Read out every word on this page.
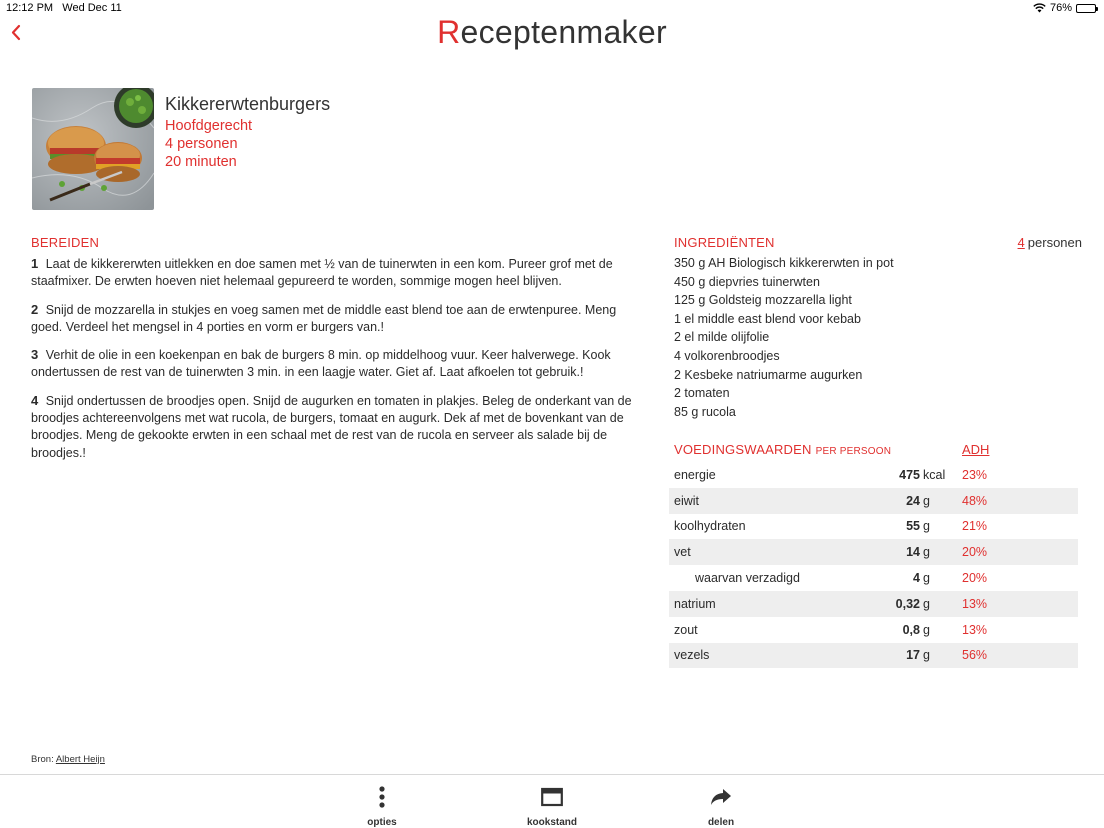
12:12 PM Wed Dec 11	76%
Receptenmaker
Kikkererwtenburgers
Hoofdgerecht
4 personen
20 minuten
BEREIDEN

1 Laat de kikkererwten uitlekken en doe samen met ½ van de tuinerwten in een kom. Pureer grof met de staafmixer. De erwten hoeven niet helemaal gepureerd te worden, sommige mogen heel blijven.

2 Snijd de mozzarella in stukjes en voeg samen met de middle east blend toe aan de erwtenpuree. Meng goed. Verdeel het mengsel in 4 porties en vorm er burgers van.!

3 Verhit de olie in een koekenpan en bak de burgers 8 min. op middelhoog vuur. Keer halverwege. Kook ondertussen de rest van de tuinerwten 3 min. in een laagje water. Giet af. Laat afkoelen tot gebruik.!

4 Snijd ondertussen de broodjes open. Snijd de augurken en tomaten in plakjes. Beleg de onderkant van de broodjes achtereenvolgens met wat rucola, de burgers, tomaat en augurk. Dek af met de bovenkant van de broodjes. Meng de gekookte erwten in een schaal met de rest van de rucola en serveer als salade bij de broodjes.!

INGREDIËNTEN	4 personen
350 g AH Biologisch kikkererwten in pot
450 g diepvries tuinerwten
125 g Goldsteig mozzarella light
1 el middle east blend voor kebab
2 el milde olijfolie
4 volkorenbroodjes
2 Kesbeke natriumarme augurken
2 tomaten
85 g rucola
VOEDINGSWAARDEN PER PERSOON	ADH
energie	475 kcal 23%
eiwit	24 g	48%
koolhydraten	55 g	21%
vet	14 g	20%
waarvan verzadigd	4 g	20%
natrium	0,32 g	13%
zout	0,8 g	13%
vezels	17 g	56%
Bron: Albert Heijn
opties	kookstand	delen
